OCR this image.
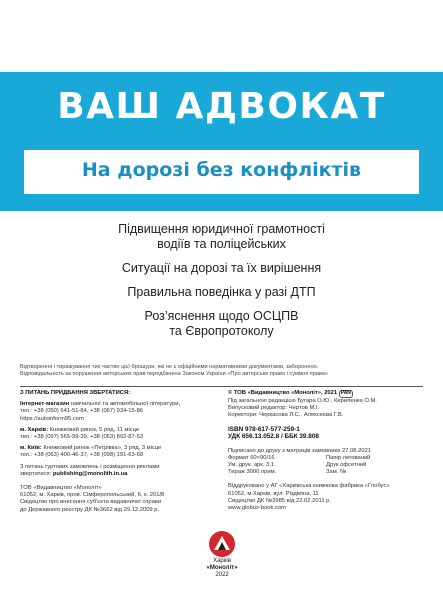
ВАШ АДВОКАТ
На дорозі без конфліктів
Підвищення юридичної грамотності
водіїв та поліцейських
Ситуації на дорозі та їх вирішення
Правильна поведінка у разі ДТП
Роз’яснення щодо ОСЦПВ
та Європротоколу
Відтворення і тиражування тих частин цієї брошури, які не є офіційними нормативними документами, заборонено.
Відповідальність за порушення авторських прав передбачена Законом України «Про авторське право і суміжні права»
З ПИТАНЬ ПРИДБАННЯ ЗВЕРТАТИСЯ:
Інтернет-магазин навчальної та автомобільної літератури,
тел.: +38 (050) 541-51-84, +38 (067) 934-15-86
https://autoinform95.com
м. Харків: Книжковий ринок, 5 ряд, 11 місце
тел.: +38 (097) 565-99-39, +38 (063) 892-87-53
м. Київ: Книжковий ринок «Петрівка», 3 ряд, 3 місце
тел.: +38 (063) 400-46-37, +38 (098) 191-63-68
З питань гуртових замовлень і розміщення реклами
звертатися: publishing@monolith.in.ua
ТОВ «Видавництво «Моноліт»
61052, м. Харків, пров. Сімферопольський, 6, к. 201/8
Свідоцтво про внесення суб’єкта видавничої справи
до Державного реєстру ДК №3662 від 29.12.2009 р.
© ТОВ «Видавництво «Моноліт», 2021 PAN
Під загальною редакцією Бугара О.Ю., Кириленка О.М.
Випусковий редактор: Чертов М.І.
Коректори: Черкасова Л.С., Алексеєва Г.В.
ISBN 978-617-577-259-1
УДК 656.13.052.8 / ББК 39.808
Підписано до друку з матриців замовника 27.08.2021
Формат 60×90/16	Папір легований
Ум. друк. арк. 3,1	Друк офсетний
Тираж 3000 прим.	Зам. №
Віддруковано у АТ «Харківська книжкова фабрика «Глобус»
61052, м.Харків, вул. Різдвяна, 11
Свідоцтво ДК №3985 від 22.02.2011 р.
www.globus-book.com
Харків
«Моноліт»
2022
